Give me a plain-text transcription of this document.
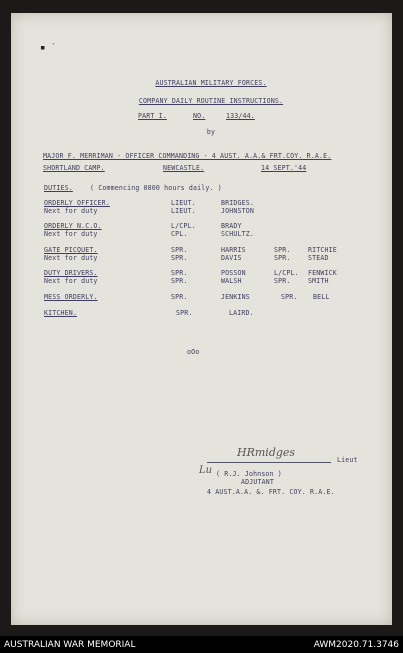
▪ ˊ
AUSTRALIAN MILITARY FORCES.
COMPANY DAILY ROUTINE INSTRUCTIONS.
PART I.	NO.	133/44.
by
MAJOR F. MERRIMAN - OFFICER COMMANDING - 4 AUST. A.A.& FRT.COY. R.A.E.
SHORTLAND CAMP.	NEWCASTLE.	14 SEPT.'44
DUTIES.	( Commencing 0800 hours daily. )
ORDERLY OFFICER.	LIEUT.	BRIDGES.
Next for duty	LIEUT.	JOHNSTON
ORDERLY N.C.O.	L/CPL.	BRADY
Next for duty	CPL.	SCHULTZ.
GATE PICQUET.	SPR.	HARRIS	SPR.	RITCHIE
Next for duty	SPR.	DAVIS	SPR.	STEAD
DUTY DRIVERS.	SPR.	POSSON	L/CPL. FENWICK
Next for duty	SPR.	WALSH	SPR.	SMITH
MESS ORDERLY.	SPR.	JENKINS	SPR. BELL
KITCHEN.	SPR.	LAIRD.
oOo
HRmidges
Lieut
Lu ( R.J. Johnson )
ADJUTANT
4 AUST.A.A. &. FRT. COY. R.A.E.
AUSTRALIAN WAR MEMORIAL	AWM2020.71.3746
